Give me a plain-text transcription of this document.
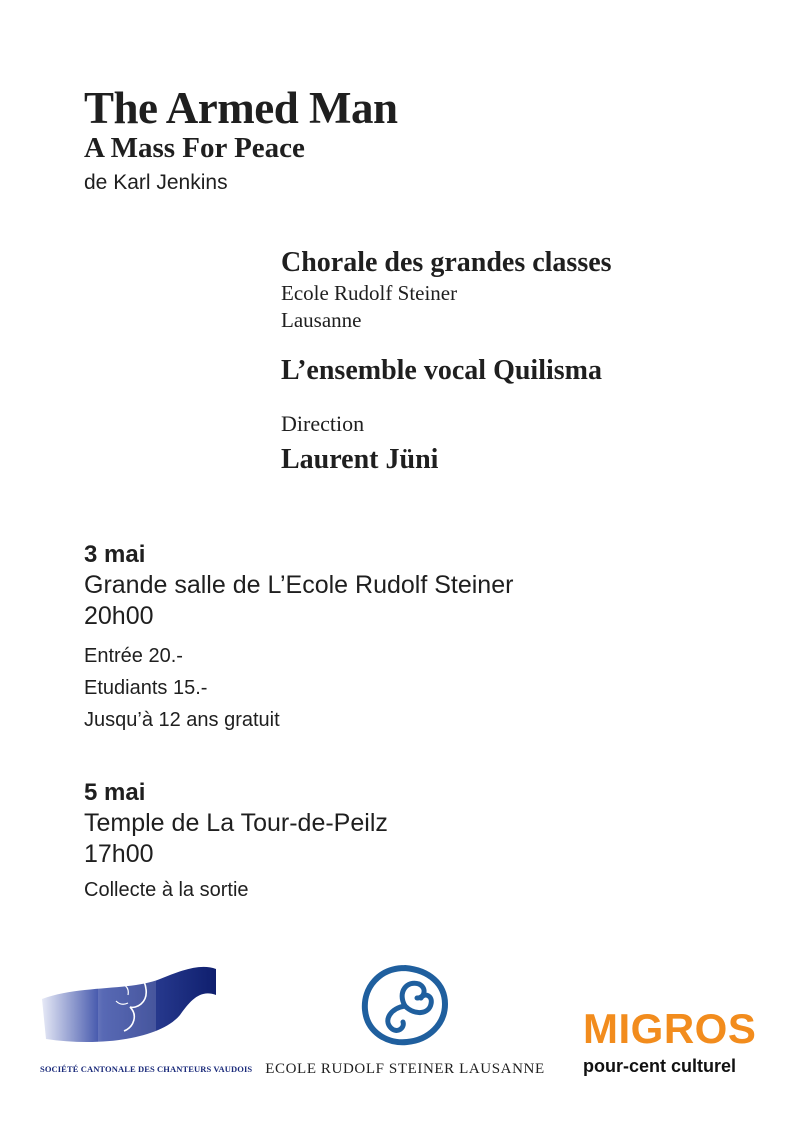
The Armed Man
A Mass For Peace
de Karl Jenkins
Chorale des grandes classes
Ecole Rudolf Steiner
Lausanne
L’ensemble vocal Quilisma
Direction
Laurent Jüni
3 mai
Grande salle de L’Ecole Rudolf Steiner
20h00
Entrée 20.-
Etudiants 15.-
Jusqu’à 12 ans gratuit
5 mai
Temple de La Tour-de-Peilz
17h00
Collecte à la sortie
SOCIÉTÉ CANTONALE DES CHANTEURS VAUDOIS ECOLE RUDOLF STEINER LAUSANNE
MIGROS
pour-cent culturel
